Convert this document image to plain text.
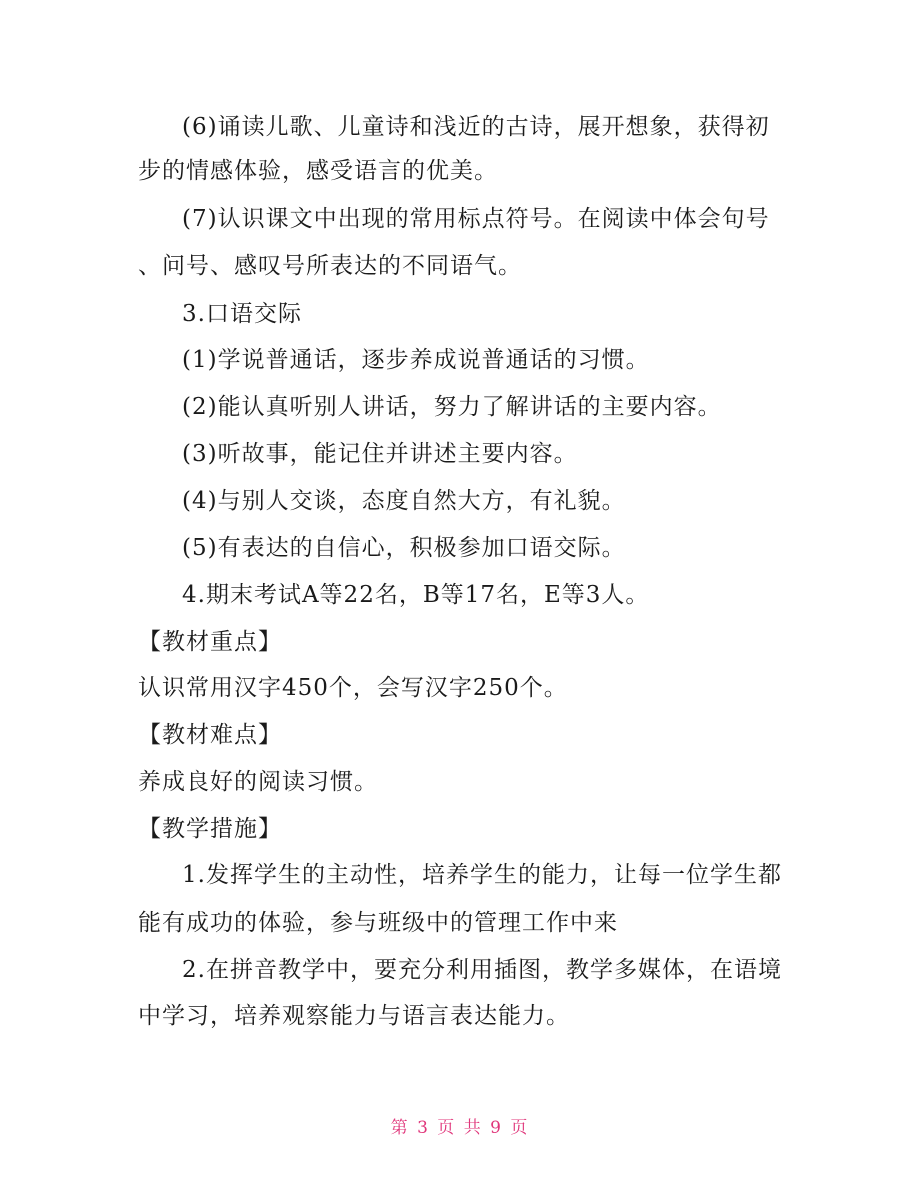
(6)诵读儿歌、儿童诗和浅近的古诗，展开想象，获得初
步的情感体验，感受语言的优美。
(7)认识课文中出现的常用标点符号。在阅读中体会句号
、问号、感叹号所表达的不同语气。
3.口语交际
(1)学说普通话，逐步养成说普通话的习惯。
(2)能认真听别人讲话，努力了解讲话的主要内容。
(3)听故事，能记住并讲述主要内容。
(4)与别人交谈，态度自然大方，有礼貌。
(5)有表达的自信心，积极参加口语交际。
4.期末考试A等22名，B等17名，E等3人。
【教材重点】
认识常用汉字450个，会写汉字250个。
【教材难点】
养成良好的阅读习惯。
【教学措施】
1.发挥学生的主动性，培养学生的能力，让每一位学生都
能有成功的体验，参与班级中的管理工作中来
2.在拼音教学中，要充分利用插图，教学多媒体，在语境
中学习，培养观察能力与语言表达能力。
第 3 页 共 9 页
